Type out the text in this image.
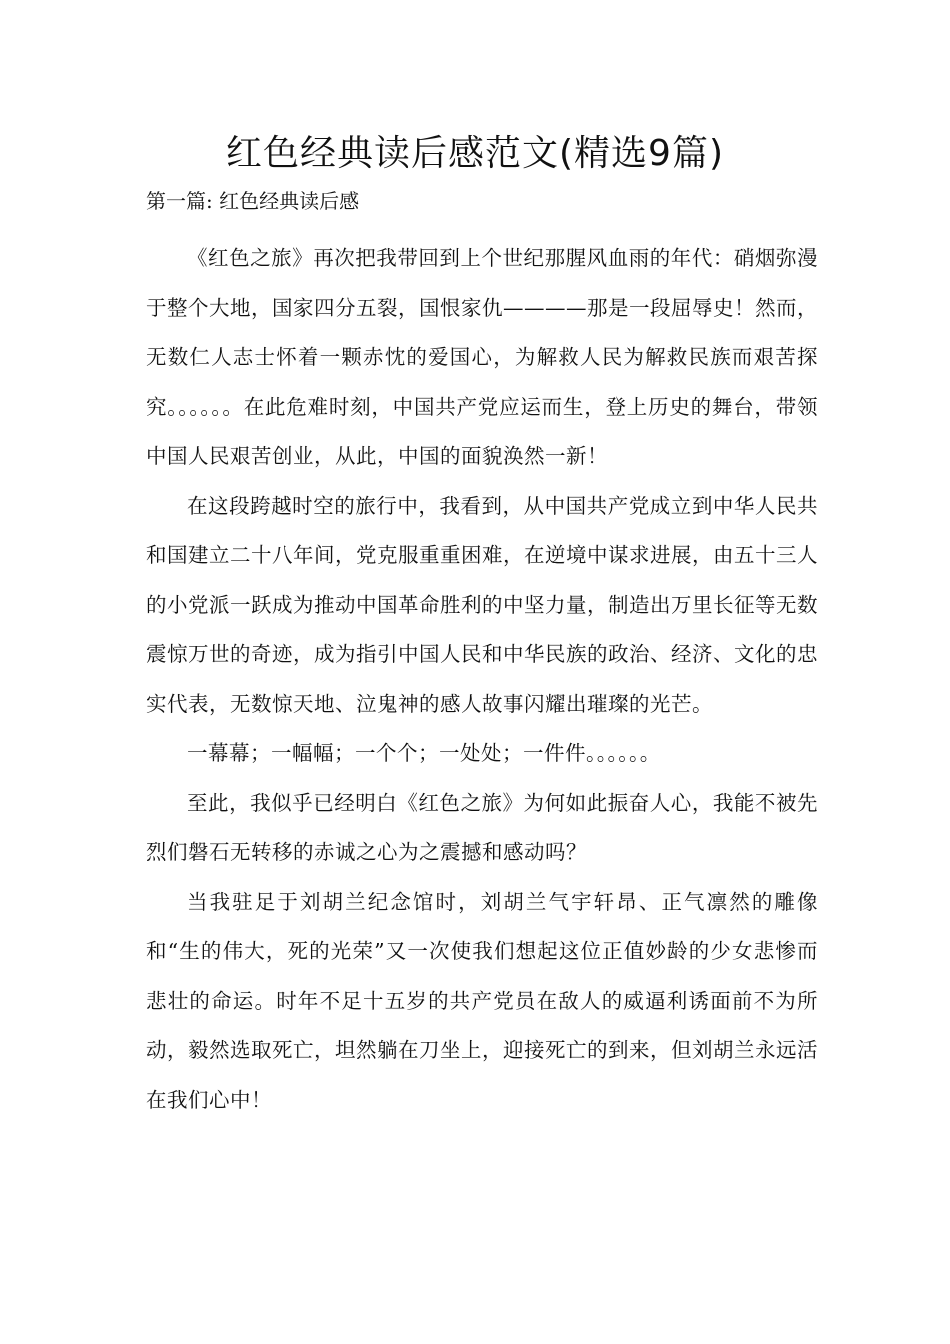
红色经典读后感范文(精选9篇)

第一篇: 红色经典读后感

《红色之旅》再次把我带回到上个世纪那腥风血雨的年代：硝烟弥漫于整个大地，国家四分五裂，国恨家仇————那是一段屈辱史！然而，无数仁人志士怀着一颗赤忱的爱国心，为解救人民为解救民族而艰苦探究。。。。。。在此危难时刻，中国共产党应运而生，登上历史的舞台，带领中国人民艰苦创业，从此，中国的面貌涣然一新！

在这段跨越时空的旅行中，我看到，从中国共产党成立到中华人民共和国建立二十八年间，党克服重重困难，在逆境中谋求进展，由五十三人的小党派一跃成为推动中国革命胜利的中坚力量，制造出万里长征等无数震惊万世的奇迹，成为指引中国人民和中华民族的政治、经济、文化的忠实代表，无数惊天地、泣鬼神的感人故事闪耀出璀璨的光芒。

一幕幕；一幅幅；一个个；一处处；一件件。。。。。。

至此，我似乎已经明白《红色之旅》为何如此振奋人心，我能不被先烈们磐石无转移的赤诚之心为之震撼和感动吗？

当我驻足于刘胡兰纪念馆时，刘胡兰气宇轩昂、正气凛然的雕像和“生的伟大，死的光荣”又一次使我们想起这位正值妙龄的少女悲惨而悲壮的命运。时年不足十五岁的共产党员在敌人的威逼利诱面前不为所动，毅然选取死亡，坦然躺在刀坐上，迎接死亡的到来，但刘胡兰永远活在我们心中！
